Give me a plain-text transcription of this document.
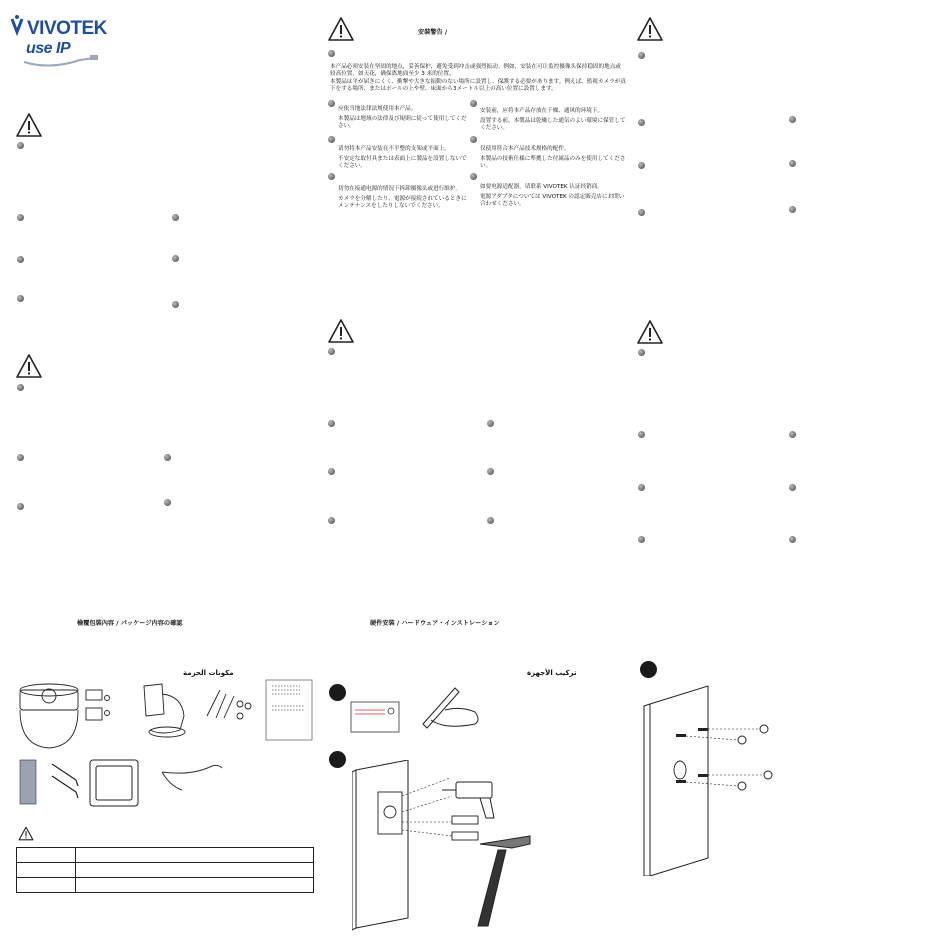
VIVOTEK
use IP
安裝警告 /
本产品必须安装在坚固的地点，妥善保护，避免受到冲击或强烈振动。例如，安装在可让监控摄像头保持稳固的地点或较高位置，如天花，确保离地面至少 3 米的位置。
本製品は平が届きにくく、衝撃や大きな振動のない場所に設置し、保護する必要があります。例えば、監視カメラが真下をする場所、またはポールの上や壁、床面から3メートル以上の高い位置に設置します。
应依当地法律法规使用本产品。
本製品は地域の法律及び規則に従って使用してください。
请勿将本产品安装在不平整的支架或平面上。
不安定な取付具または表面上に製品を設置しないでください。
切勿在接通电源的情况下拆卸摄像头或进行维护。
カメラを分解したり、電源が接続されているときにメンテナンスをしたりしないでください。
安装前，应将本产品存放在干燥、通风的环境下。
設置する前、本製品は乾燥した通気のよい環境に保管してください。
仅使用符合本产品技术规格的配件。
本製品の技術仕様に準拠した付属品のみを使用してください。
如要电源适配器，请联系 VIVOTEK 认证经销商。
電源アダプタについては VIVOTEK の認定販売店にお問い合わせください。
檢覆包裝內容 / パッケージ内容の確認
مكونات الحزمة

硬件安裝 / ハードウェア・インストレーション
تركيب الأجهزة
